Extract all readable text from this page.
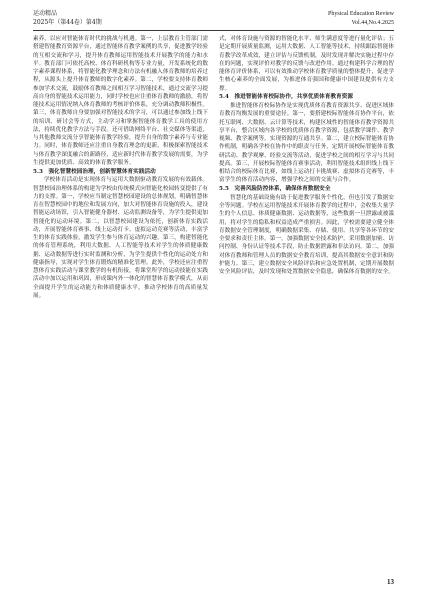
运动精品
2025年（第44卷）第4期
Physical Education Review
Vol.44,No.4.2025

素养，以应对智能体育时代的挑战与机遇。第一，上层教育主管部门需搭建智能教育资源平台，通过智能体育教学案例的共享，促进教学经验的互相交流和学习，提升体育教师运用智能技术开展教学的能力和水平。教育部门可依托高校、体育科研机构等专业力量，开发系统化的数字素养课程体系，将智能化教学理念和方法有机融入体育教师的培养过程，从源头上提升体育教师的数字化素养。第二，学校要支持体育教师参加学术交流，鼓励体育教师之间相互学习智能技术，通过交流学习提高自身的智能技术运用能力，同时学校也应注重体育教师的激励，将智能技术运用情况纳入体育教师的考核评价体系，充分调动教师积极性。第三，体育教师自身要加强对智能技术的学习，可以通过参加线上线下的培训、研讨会等方式，主动学习和掌握智能体育教学工具的使用方法，持续优化教学方法与手段。还可借助网络平台、社交媒体等渠道，与其他教师交流分享智能体育教学经验，提升自身的数字素养与专业能力。同时，体育教师还应注重自身教育理念的更新，积极探索智能技术与体育教学深度融合的新路径，适应新时代体育教学发展的需要，为学生提供更加优质、高效的体育教学服务。

5.3　强化智慧校园治理，创新智慧体育实践活动

学校体育活动是实现体育与运用大数据驱动教育发展的有效载体。智慧校园治理体系的构建为学校由传统模式向智能化校园转变提供了有力的支撑。第一，学校应当制定智慧校园建设的总体规划，明确智慧体育在智慧校园中的地位和发展方向，加大对智能体育设施的投入，建设智能运动场馆，引入智能健身器材、运动监测设备等，为学生提供更加智能化的运动环境。第二，以智慧校园建设为依托，创新体育实践活动，开展智能体育赛事、线上运动打卡、虚拟运动竞赛等活动，丰富学生的体育实践体验，激发学生参与体育运动的兴趣。第三，构建智能化的体育管理系统，利用大数据、人工智能等技术对学生的体质健康数据、运动数据等进行实时监测和分析，为学生提供个性化的运动处方和健康指导，实现对学生体育锻炼的精准化管理。此外，学校还应注重智慧体育实践活动与课堂教学的有机衔接，将课堂所学的运动技能在实践活动中加以运用和巩固，形成课内外一体化的智慧体育教学模式，从而全面提升学生的运动能力和体质健康水平，推动学校体育的高质量发展。

式，对体育设施与资源的智能化水平、师生满意度等进行量化评估；五是定期开展质量监测，运用大数据、人工智能等技术，持续跟踪智能体育教学改革成效，建立评估与反馈机制，及时发现并解决实施过程中存在的问题，实现评价对教学的反馈与改进作用。通过构建科学合理的智能体育评价体系，可以有效推动学校体育教学质量的整体提升，促进学生核心素养的全面发展，为推进体育强国和健康中国建设提供有力支撑。

5.4　推进智能体育校际协作，共享优质体育教育资源

推进智能体育校际协作是实现优质体育教育资源共享、促进区域体育教育均衡发展的重要途径。第一，要搭建校际智能体育协作平台，依托互联网、大数据、云计算等技术，构建区域性的智能体育教学资源共享平台，整合区域内各学校的优质体育教学资源，包括教学课件、教学视频、教学案例等，实现资源的互通共享。第二，建立校际智能体育协作机制，明确各学校在协作中的职责与任务，定期开展校际智能体育教研活动、教学观摩、经验交流等活动，促进学校之间的相互学习与共同提高。第三，开展校际智能体育赛事活动，利用智能技术组织线上线下相结合的校际体育比赛，如线上运动打卡挑战赛、虚拟体育竞赛等，丰富学生的体育活动内容，增强学校之间的交流与合作。

5.5　完善风险防控体系，确保体育数据安全

智慧化的基础设施有助于促进教学服务个性化，但也引发了数据安全等问题。学校在运用智能技术开展体育教学的过程中，会收集大量学生的个人信息、体质健康数据、运动数据等，这些数据一旦泄露或被滥用，将对学生的隐私和权益造成严重损害。因此，学校需要建立健全体育数据安全管理制度，明确数据采集、存储、使用、共享等各环节的安全要求和责任主体。第一，加强数据安全技术防护，采用数据加密、访问控制、身份认证等技术手段，防止数据泄露和非法访问。第二，加强对体育教师和管理人员的数据安全教育培训，提高其数据安全意识和防护能力。第三，建立数据安全风险评估和应急处置机制，定期开展数据安全风险评估，及时发现和处置数据安全隐患，确保体育数据的安全。

13
